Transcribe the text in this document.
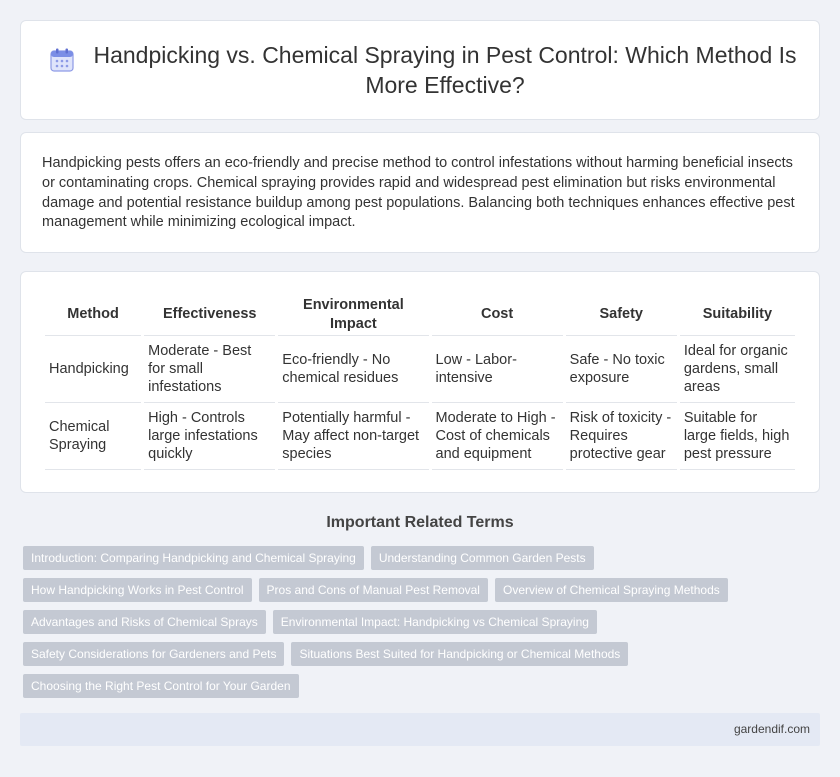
Handpicking vs. Chemical Spraying in Pest Control: Which Method Is More Effective?

Handpicking pests offers an eco-friendly and precise method to control infestations without harming beneficial insects or contaminating crops. Chemical spraying provides rapid and widespread pest elimination but risks environmental damage and potential resistance buildup among pest populations. Balancing both techniques enhances effective pest management while minimizing ecological impact.

Method	Effectiveness	Environmental Impact	Cost	Safety	Suitability
Handpicking	Moderate - Best for small infestations	Eco-friendly - No chemical residues	Low - Labor-intensive	Safe - No toxic exposure	Ideal for organic gardens, small areas
Chemical Spraying	High - Controls large infestations quickly	Potentially harmful - May affect non-target species	Moderate to High - Cost of chemicals and equipment	Risk of toxicity - Requires protective gear	Suitable for large fields, high pest pressure
Important Related Terms
Introduction: Comparing Handpicking and Chemical Spraying	Understanding Common Garden Pests
How Handpicking Works in Pest Control	Pros and Cons of Manual Pest Removal	Overview of Chemical Spraying Methods
Advantages and Risks of Chemical Sprays	Environmental Impact: Handpicking vs Chemical Spraying
Safety Considerations for Gardeners and Pets	Situations Best Suited for Handpicking or Chemical Methods
Choosing the Right Pest Control for Your Garden
gardendif.com
